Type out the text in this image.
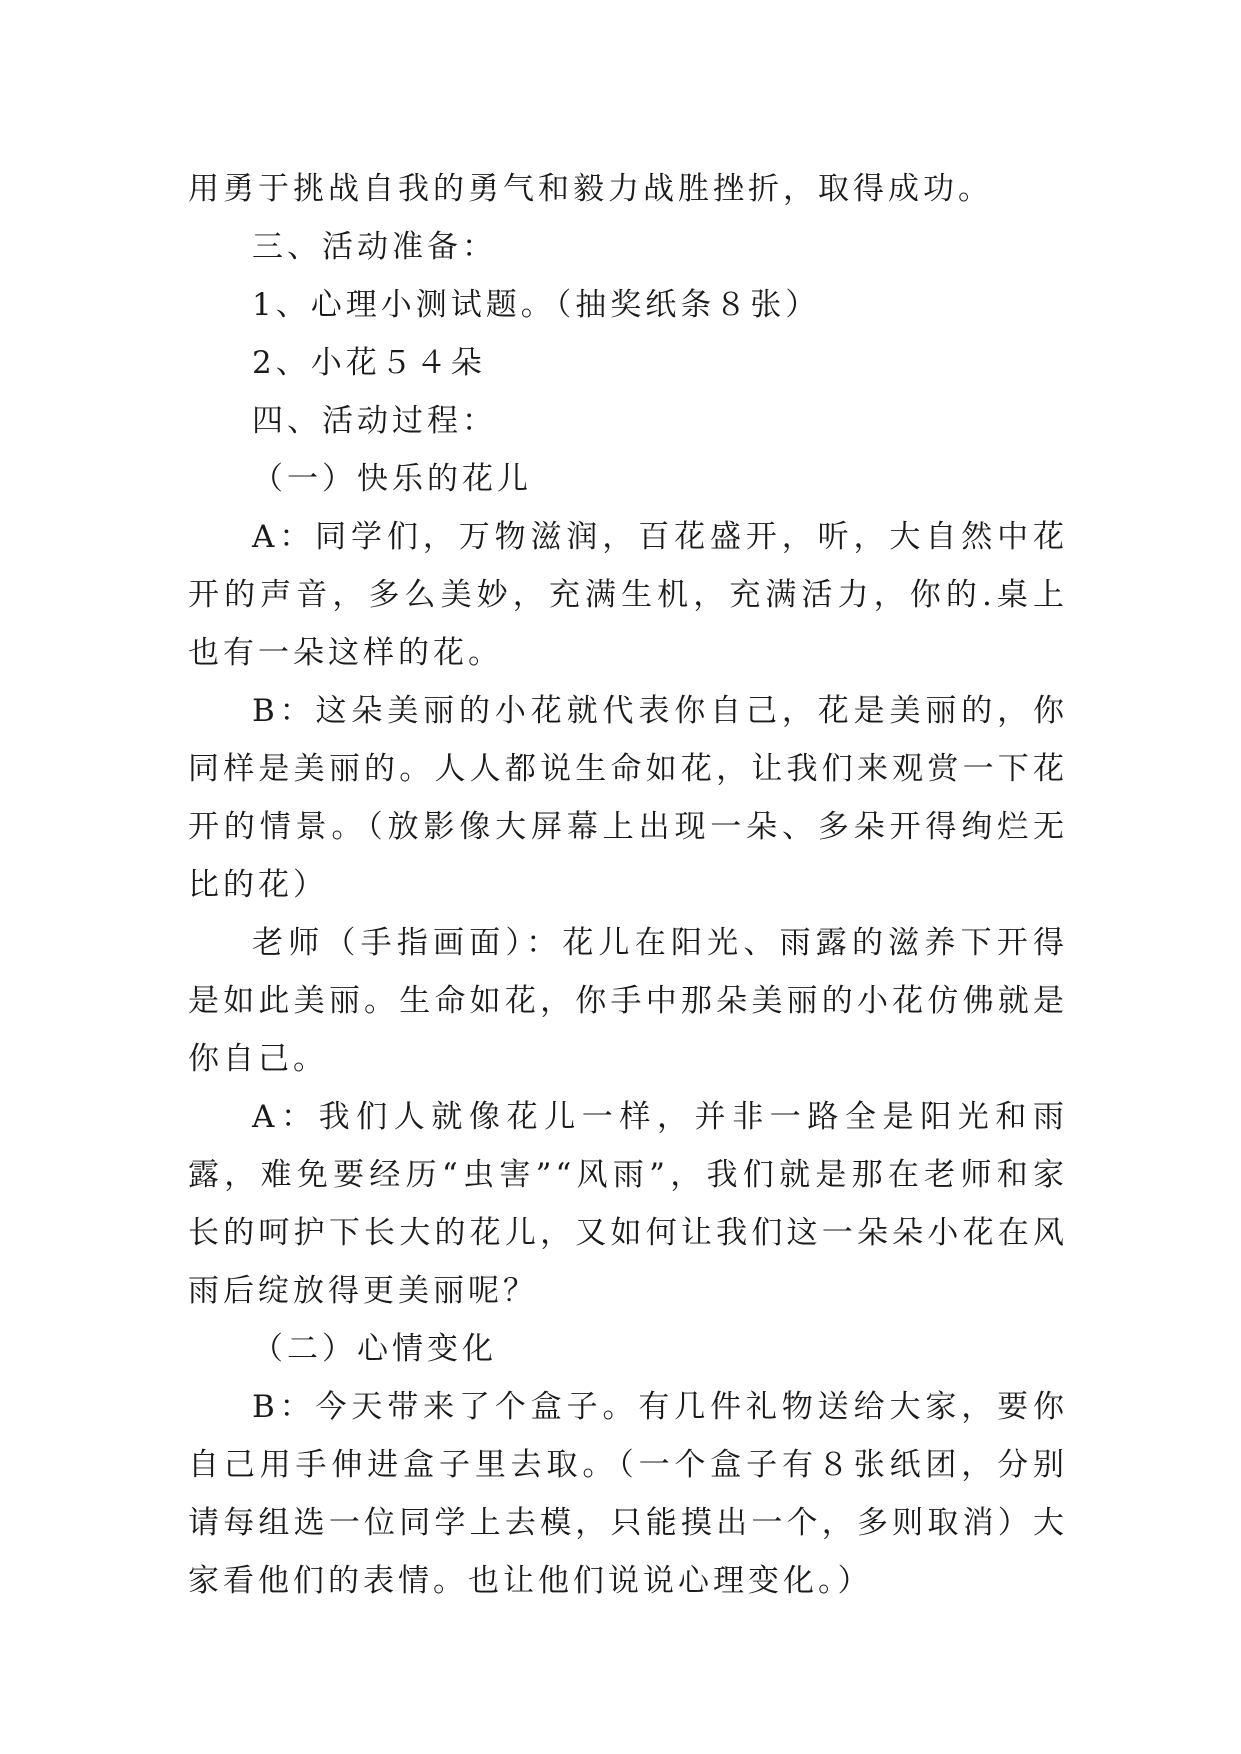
用勇于挑战自我的勇气和毅力战胜挫折，取得成功。

三、活动准备：

1、心理小测试题。（抽奖纸条８张）

2、小花５４朵

四、活动过程：

（一）快乐的花儿

A：同学们，万物滋润，百花盛开，听，大自然中花开的声音，多么美妙，充满生机，充满活力，你的.桌上也有一朵这样的花。

B：这朵美丽的小花就代表你自己，花是美丽的，你同样是美丽的。人人都说生命如花，让我们来观赏一下花开的情景。（放影像大屏幕上出现一朵、多朵开得绚烂无比的花）

老师（手指画面）：花儿在阳光、雨露的滋养下开得是如此美丽。生命如花，你手中那朵美丽的小花仿佛就是你自己。

A：我们人就像花儿一样，并非一路全是阳光和雨露，难免要经历“虫害”“风雨”，我们就是那在老师和家长的呵护下长大的花儿，又如何让我们这一朵朵小花在风雨后绽放得更美丽呢？

（二）心情变化

B：今天带来了个盒子。有几件礼物送给大家，要你自己用手伸进盒子里去取。（一个盒子有８张纸团，分别请每组选一位同学上去模，只能摸出一个，多则取消）大家看他们的表情。也让他们说说心理变化。）
